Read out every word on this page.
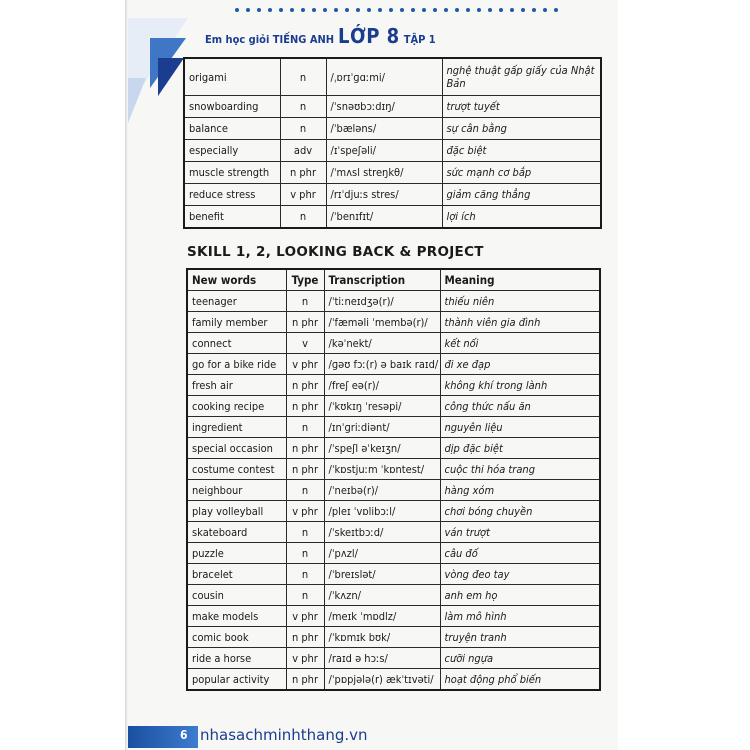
Em học giỏi TIẾNG ANH LỚP 8 TẬP 1
origami	n	/ˌɒrɪˈɡɑːmi/	nghệ thuật gấp giấy của Nhật Bản
snowboarding	n	/ˈsnəʊbɔːdɪŋ/	trượt tuyết
balance	n	/ˈbæləns/	sự cân bằng
especially	adv	/ɪˈspeʃəli/	đặc biệt
muscle strength	n phr	/ˈmʌsl streŋkθ/	sức mạnh cơ bắp
reduce stress	v phr	/rɪˈdjuːs stres/	giảm căng thẳng
benefit	n	/ˈbenɪfɪt/	lợi ích
SKILL 1, 2, LOOKING BACK & PROJECT
New words	Type	Transcription	Meaning
teenager	n	/ˈtiːneɪdʒə(r)/	thiếu niên
family member	n phr	/ˈfæməli ˈmembə(r)/	thành viên gia đình
connect	v	/kəˈnekt/	kết nối
go for a bike ride	v phr	/ɡəʊ fɔː(r) ə baɪk raɪd/	đi xe đạp
fresh air	n phr	/freʃ eə(r)/	không khí trong lành
cooking recipe	n phr	/ˈkʊkɪŋ ˈresəpi/	công thức nấu ăn
ingredient	n	/ɪnˈɡriːdiənt/	nguyên liệu
special occasion	n phr	/ˈspeʃl əˈkeɪʒn/	dịp đặc biệt
costume contest	n phr	/ˈkɒstjuːm ˈkɒntest/	cuộc thi hóa trang
neighbour	n	/ˈneɪbə(r)/	hàng xóm
play volleyball	v phr	/pleɪ ˈvɒlibɔːl/	chơi bóng chuyền
skateboard	n	/ˈskeɪtbɔːd/	ván trượt
puzzle	n	/ˈpʌzl/	câu đố
bracelet	n	/ˈbreɪslət/	vòng đeo tay
cousin	n	/ˈkʌzn/	anh em họ
make models	v phr	/meɪk ˈmɒdlz/	làm mô hình
comic book	n phr	/ˈkɒmɪk bʊk/	truyện tranh
ride a horse	v phr	/raɪd ə hɔːs/	cưỡi ngựa
popular activity	n phr	/ˈpɒpjələ(r) ækˈtɪvəti/	hoạt động phổ biến
6 nhasachminhthang.vn
